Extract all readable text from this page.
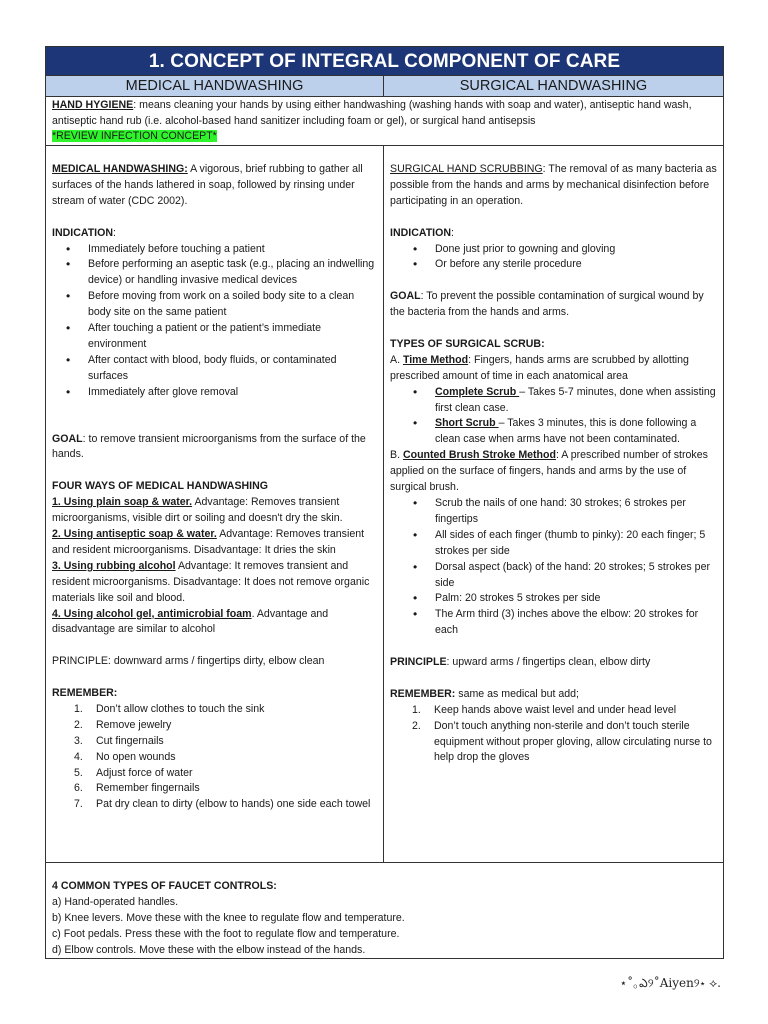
1. CONCEPT OF INTEGRAL COMPONENT OF CARE
MEDICAL HANDWASHING	SURGICAL HANDWASHING
HAND HYGIENE: means cleaning your hands by using either handwashing (washing hands with soap and water), antiseptic hand wash, antiseptic hand rub (i.e. alcohol-based hand sanitizer including foam or gel), or surgical hand antisepsis
*REVIEW INFECTION CONCEPT*

MEDICAL HANDWASHING: A vigorous, brief rubbing to gather all surfaces of the hands lathered in soap, followed by rinsing under stream of water (CDC 2002).

INDICATION:

• Immediately before touching a patient
• Before performing an aseptic task (e.g., placing an indwelling device) or handling invasive medical devices
• Before moving from work on a soiled body site to a clean body site on the same patient
• After touching a patient or the patient’s immediate environment
• After contact with blood, body fluids, or contaminated surfaces
• Immediately after glove removal

GOAL: to remove transient microorganisms from the surface of the hands.

FOUR WAYS OF MEDICAL HANDWASHING

1. Using plain soap & water. Advantage: Removes transient microorganisms, visible dirt or soiling and doesn't dry the skin.

2. Using antiseptic soap & water. Advantage: Removes transient and resident microorganisms. Disadvantage: It dries the skin

3. Using rubbing alcohol Advantage: It removes transient and resident microorganisms. Disadvantage: It does not remove organic materials like soil and blood.

4. Using alcohol gel, antimicrobial foam. Advantage and disadvantage are similar to alcohol

PRINCIPLE: downward arms / fingertips dirty, elbow clean

REMEMBER:

1. Don’t allow clothes to touch the sink
2. Remove jewelry
3. Cut fingernails
4. No open wounds
5. Adjust force of water
6. Remember fingernails
7. Pat dry clean to dirty (elbow to hands) one side each towel

SURGICAL HAND SCRUBBING: The removal of as many bacteria as possible from the hands and arms by mechanical disinfection before participating in an operation.

INDICATION:

• Done just prior to gowning and gloving
• Or before any sterile procedure

GOAL: To prevent the possible contamination of surgical wound by the bacteria from the hands and arms.

TYPES OF SURGICAL SCRUB:

A. Time Method: Fingers, hands arms are scrubbed by allotting prescribed amount of time in each anatomical area

• Complete Scrub – Takes 5-7 minutes, done when assisting first clean case.
• Short Scrub – Takes 3 minutes, this is done following a clean case when arms have not been contaminated.

B. Counted Brush Stroke Method: A prescribed number of strokes applied on the surface of fingers, hands and arms by the use of surgical brush.

• Scrub the nails of one hand: 30 strokes; 6 strokes per fingertips
• All sides of each finger (thumb to pinky): 20 each finger; 5 strokes per side
• Dorsal aspect (back) of the hand: 20 strokes; 5 strokes per side
• Palm: 20 strokes 5 strokes per side
• The Arm third (3) inches above the elbow: 20 strokes for each

PRINCIPLE: upward arms / fingertips clean, elbow dirty

REMEMBER: same as medical but add;

1. Keep hands above waist level and under head level
2. Don’t touch anything non-sterile and don’t touch sterile equipment without proper gloving, allow circulating nurse to help drop the gloves

4 COMMON TYPES OF FAUCET CONTROLS:

a) Hand-operated handles.

b) Knee levers. Move these with the knee to regulate flow and temperature.

c) Foot pedals. Press these with the foot to regulate flow and temperature.

d) Elbow controls. Move these with the elbow instead of the hands.

⋆˚｡ఎ୨˚Aiyen୨⋆ ⟡.
